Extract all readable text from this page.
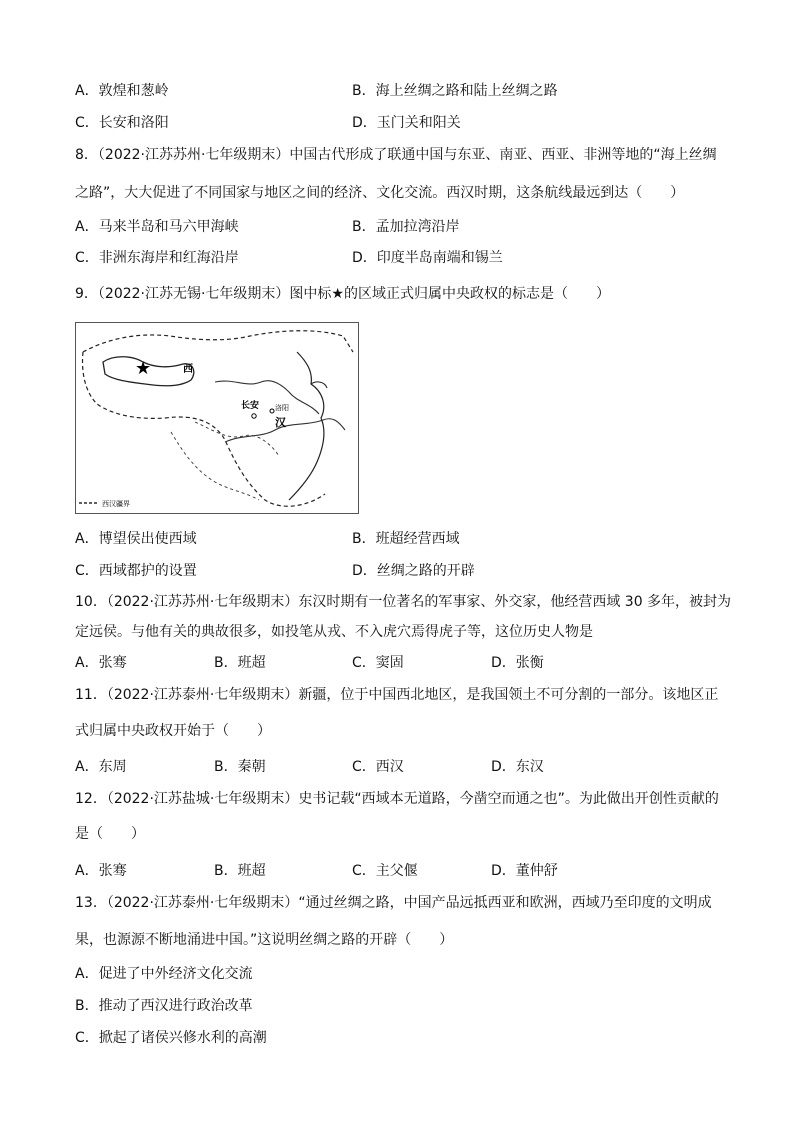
A．敦煌和葱岭	B．海上丝绸之路和陆上丝绸之路
C．长安和洛阳	D．玉门关和阳关
8．（2022·江苏苏州·七年级期末）中国古代形成了联通中国与东亚、南亚、西亚、非洲等地的“海上丝绸
之路”，大大促进了不同国家与地区之间的经济、文化交流。西汉时期，这条航线最远到达（　　）
A．马来半岛和马六甲海峡	B．孟加拉湾沿岸
C．非洲东海岸和红海沿岸	D．印度半岛南端和锡兰
9．（2022·江苏无锡·七年级期末）图中标★的区域正式归属中央政权的标志是（　　）
★	西
长安 洛阳
汉
西汉疆界
A．博望侯出使西域	B．班超经营西域
C．西域都护的设置	D．丝绸之路的开辟
10．（2022·江苏苏州·七年级期末）东汉时期有一位著名的军事家、外交家，他经营西域 30 多年，被封为
定远侯。与他有关的典故很多，如投笔从戎、不入虎穴焉得虎子等，这位历史人物是
A．张骞	B．班超	C．窦固	D．张衡
11．（2022·江苏泰州·七年级期末）新疆，位于中国西北地区，是我国领土不可分割的一部分。该地区正
式归属中央政权开始于（　　）
A．东周	B．秦朝	C．西汉	D．东汉
12．（2022·江苏盐城·七年级期末）史书记载“西域本无道路，今凿空而通之也”。为此做出开创性贡献的
是（　　）
A．张骞	B．班超	C．主父偃	D．董仲舒
13．（2022·江苏泰州·七年级期末）“通过丝绸之路，中国产品远抵西亚和欧洲，西域乃至印度的文明成
果，也源源不断地涌进中国。”这说明丝绸之路的开辟（　　）
A．促进了中外经济文化交流
B．推动了西汉进行政治改革
C．掀起了诸侯兴修水利的高潮
